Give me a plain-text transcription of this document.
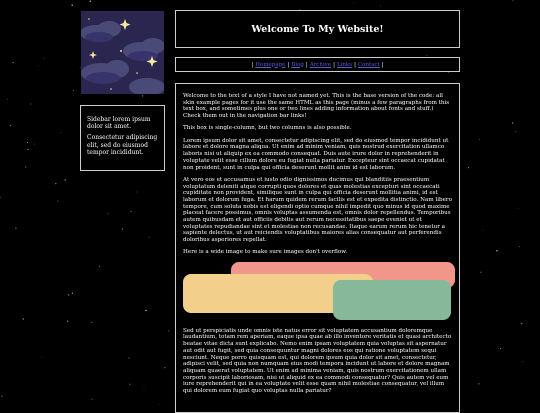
Welcome To My Website!
| Homepage | Blog | Archive | Links | Contact |

Sidebar lorem ipsum dolor sit amet.

Consectetur adipiscing elit, sed do eiusmod tempor incididunt.

Welcome to the text of a style I have not named yet. This is the base version of the code: all skin example pages for it use the same HTML as this page (minus a few paragraphs from this text box, and sometimes plus one or two lines adding information about fonts and stuff.) Check them out in the navigation bar links!

This box is single-column, but two columns is also possible.

Lorem ipsum dolor sit amet, consectetur adipiscing elit, sed do eiusmod tempor incididunt ut labore et dolore magna aliqua. Ut enim ad minim veniam, quis nostrud exercitation ullamco laboris nisi ut aliquip ex ea commodo consequat. Duis aute irure dolor in reprehenderit in voluptate velit esse cillum dolore eu fugiat nulla pariatur. Excepteur sint occaecat cupidatat non proident, sunt in culpa qui officia deserunt mollit anim id est laborum.

At vero eos et accusamus et iusto odio dignissimos ducimus qui blanditiis praesentium voluptatum deleniti atque corrupti quos dolores et quas molestias excepturi sint occaecati cupiditate non provident, similique sunt in culpa qui officia deserunt mollitia animi, id est laborum et dolorum fuga. Et harum quidem rerum facilis est et expedita distinctio. Nam libero tempore, cum soluta nobis est eligendi optio cumque nihil impedit quo minus id quod maxime placeat facere possimus, omnis voluptas assumenda est, omnis dolor repellendus. Temporibus autem quibusdam et aut officiis debitis aut rerum necessitatibus saepe eveniet ut et voluptates repudiandae sint et molestiae non recusandae. Itaque earum rerum hic tenetur a sapiente delectus, ut aut reiciendis voluptatibus maiores alias consequatur aut perferendis doloribus asperiores repellat.

Here is a wide image to make sure images don't overflow.

Sed ut perspiciatis unde omnis iste natus error sit voluptatem accusantium doloremque laudantium, totam rem aperiam, eaque ipsa quae ab illo inventore veritatis et quasi architecto beatae vitae dicta sunt explicabo. Nemo enim ipsam voluptatem quia voluptas sit aspernatur aut odit aut fugit, sed quia consequuntur magni dolores eos qui ratione voluptatem sequi nesciunt. Neque porro quisquam est, qui dolorem ipsum quia dolor sit amet, consectetur, adipisci velit, sed quia non numquam eius modi tempora incidunt ut labore et dolore magnam aliquam quaerat voluptatem. Ut enim ad minima veniam, quis nostrum exercitationem ullam corporis suscipit laboriosam, nisi ut aliquid ex ea commodi consequatur? Quis autem vel eum iure reprehenderit qui in ea voluptate velit esse quam nihil molestiae consequatur, vel illum qui dolorem eum fugiat quo voluptas nulla pariatur?
